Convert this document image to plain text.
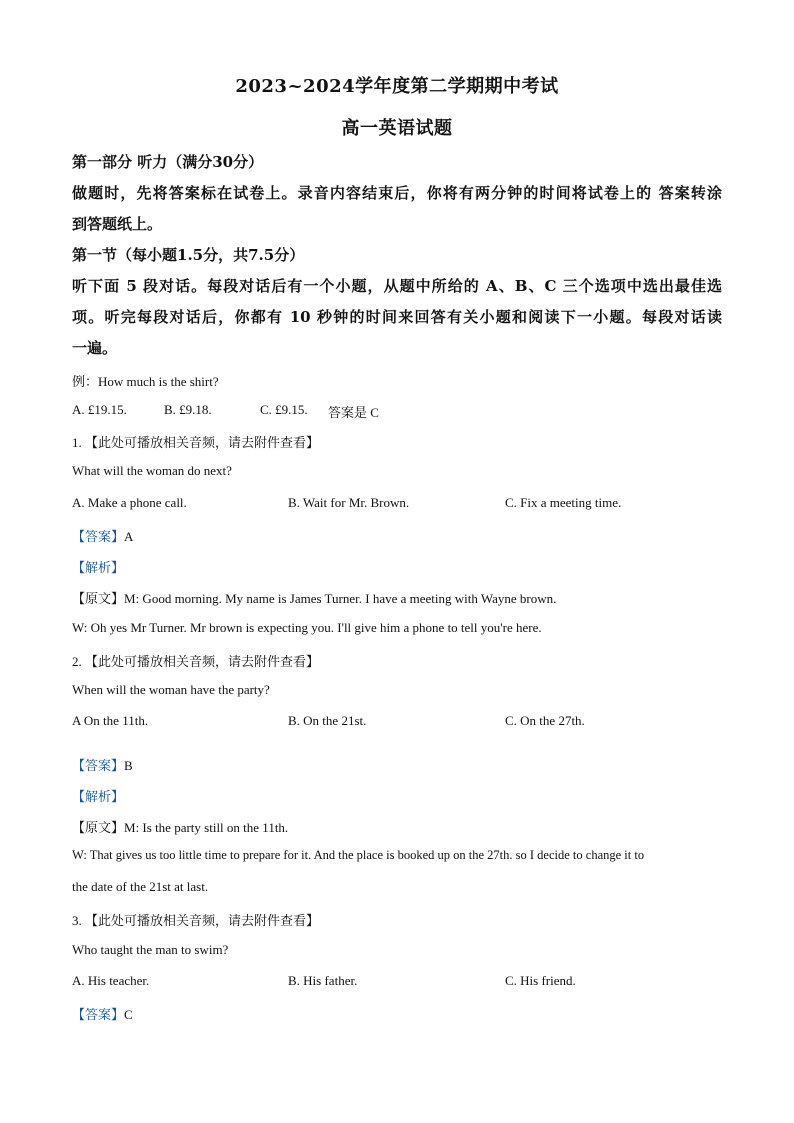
2023~2024学年度第二学期期中考试
高一英语试题
第一部分 听力（满分30分）
做题时，先将答案标在试卷上。录音内容结束后，你将有两分钟的时间将试卷上的 答案转涂
到答题纸上。
第一节（每小题1.5分，共7.5分）
听下面 5 段对话。每段对话后有一个小题，从题中所给的 A、B、C 三个选项中选出最佳选
项。听完每段对话后，你都有 10 秒钟的时间来回答有关小题和阅读下一小题。每段对话读
一遍。
例：How much is the shirt?
A. £19.15.	B. £9.18.	C. £9.15. 答案是 C
1. 【此处可播放相关音频，请去附件查看】
What will the woman do next?
A. Make a phone call.	B. Wait for Mr. Brown.	C. Fix a meeting time.
【答案】A
【解析】
【原文】M: Good morning. My name is James Turner. I have a meeting with Wayne brown.
W: Oh yes Mr Turner. Mr brown is expecting you. I'll give him a phone to tell you're here.
2. 【此处可播放相关音频，请去附件查看】
When will the woman have the party?
A On the 11th.	B. On the 21st.	C. On the 27th.
【答案】B
【解析】
【原文】M: Is the party still on the 11th.
W: That gives us too little time to prepare for it. And the place is booked up on the 27th. so I decide to change it to
the date of the 21st at last.
3. 【此处可播放相关音频，请去附件查看】
Who taught the man to swim?
A. His teacher.	B. His father.	C. His friend.
【答案】C
